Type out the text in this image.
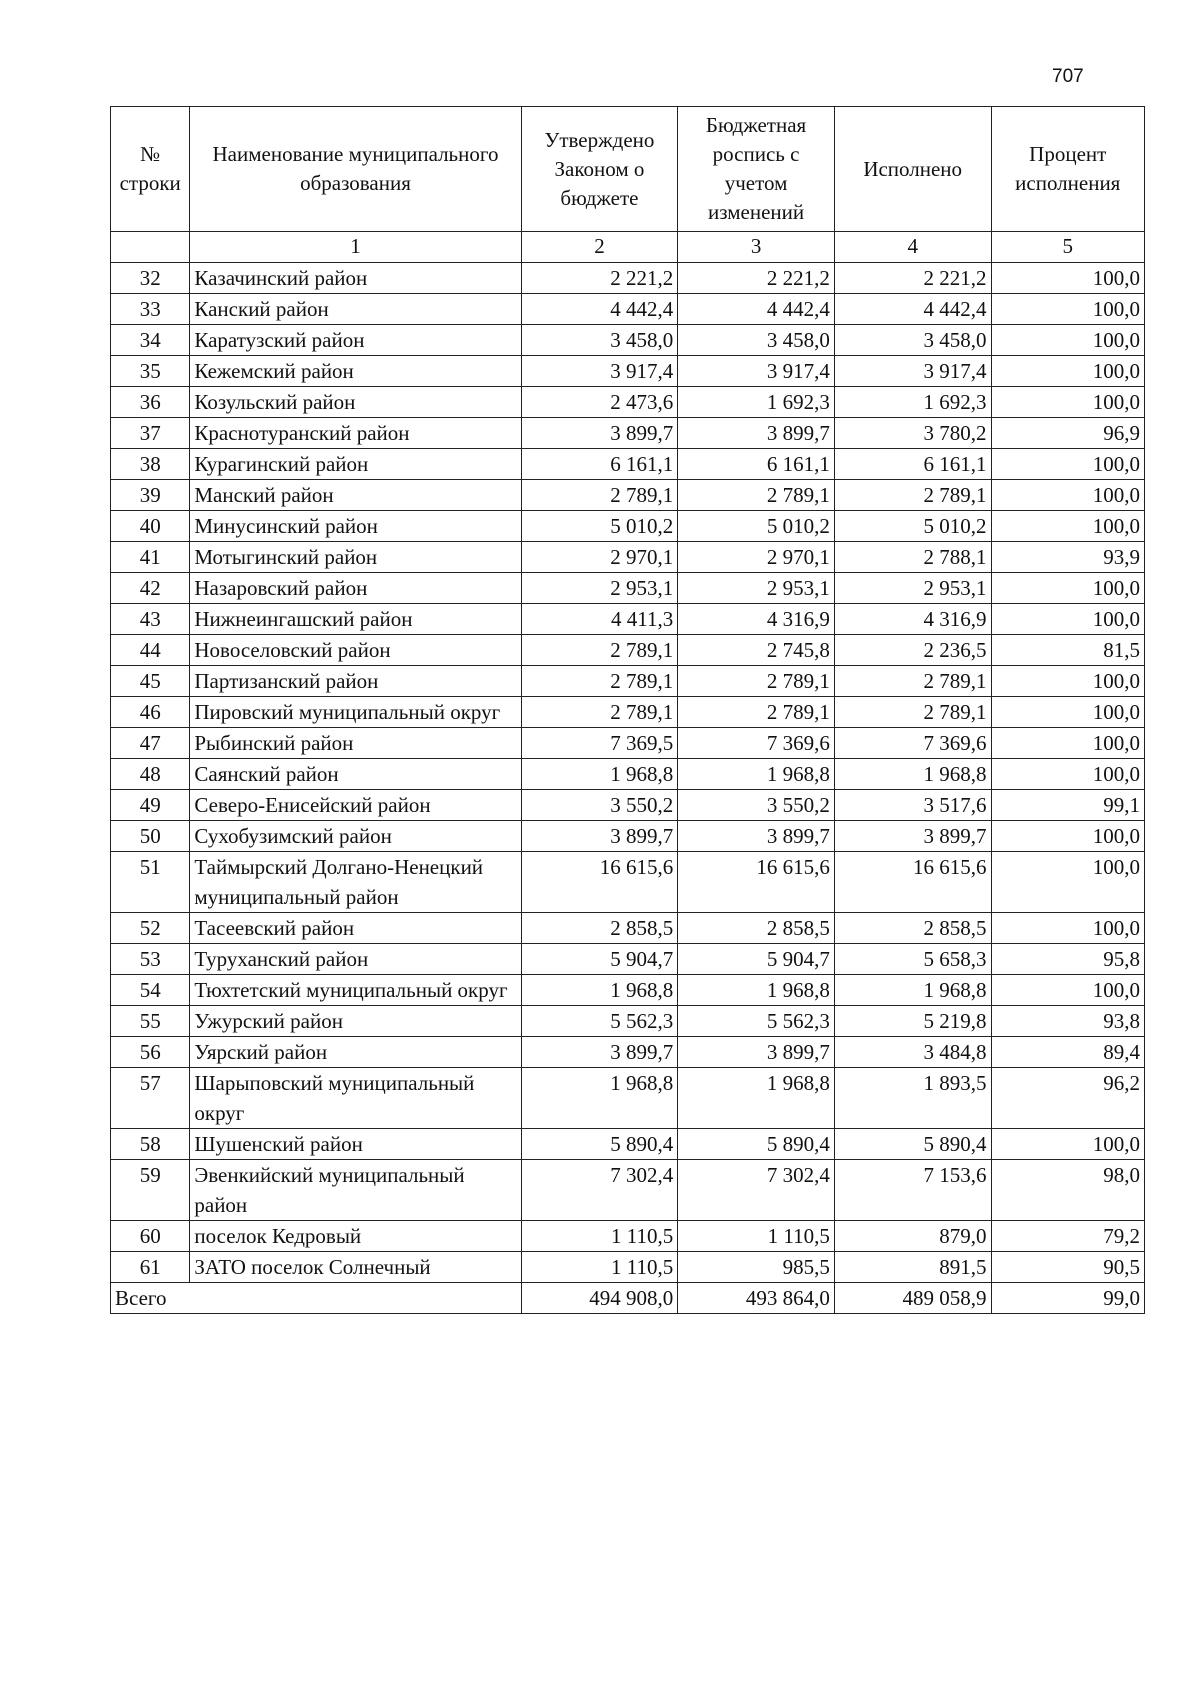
707
№ строки	Наименование муниципального образования	Утверждено Законом о бюджете	Бюджетная роспись с учетом изменений	Исполнено	Процент исполнения
	1	2	3	4	5
32	Казачинский район	2 221,2	2 221,2	2 221,2	100,0
33	Канский район	4 442,4	4 442,4	4 442,4	100,0
34	Каратузский район	3 458,0	3 458,0	3 458,0	100,0
35	Кежемский район	3 917,4	3 917,4	3 917,4	100,0
36	Козульский район	2 473,6	1 692,3	1 692,3	100,0
37	Краснотуранский район	3 899,7	3 899,7	3 780,2	96,9
38	Курагинский район	6 161,1	6 161,1	6 161,1	100,0
39	Манский район	2 789,1	2 789,1	2 789,1	100,0
40	Минусинский район	5 010,2	5 010,2	5 010,2	100,0
41	Мотыгинский район	2 970,1	2 970,1	2 788,1	93,9
42	Назаровский район	2 953,1	2 953,1	2 953,1	100,0
43	Нижнеингашский район	4 411,3	4 316,9	4 316,9	100,0
44	Новоселовский район	2 789,1	2 745,8	2 236,5	81,5
45	Партизанский район	2 789,1	2 789,1	2 789,1	100,0
46	Пировский муниципальный округ	2 789,1	2 789,1	2 789,1	100,0
47	Рыбинский район	7 369,5	7 369,6	7 369,6	100,0
48	Саянский район	1 968,8	1 968,8	1 968,8	100,0
49	Северо-Енисейский район	3 550,2	3 550,2	3 517,6	99,1
50	Сухобузимский район	3 899,7	3 899,7	3 899,7	100,0
51	Таймырский Долгано-Ненецкий муниципальный район	16 615,6	16 615,6	16 615,6	100,0
52	Тасеевский район	2 858,5	2 858,5	2 858,5	100,0
53	Туруханский район	5 904,7	5 904,7	5 658,3	95,8
54	Тюхтетский муниципальный округ	1 968,8	1 968,8	1 968,8	100,0
55	Ужурский район	5 562,3	5 562,3	5 219,8	93,8
56	Уярский район	3 899,7	3 899,7	3 484,8	89,4
57	Шарыповский муниципальный округ	1 968,8	1 968,8	1 893,5	96,2
58	Шушенский район	5 890,4	5 890,4	5 890,4	100,0
59	Эвенкийский муниципальный район	7 302,4	7 302,4	7 153,6	98,0
60	поселок Кедровый	1 110,5	1 110,5	879,0	79,2
61	ЗАТО поселок Солнечный	1 110,5	985,5	891,5	90,5
Всего		494 908,0	493 864,0	489 058,9	99,0
